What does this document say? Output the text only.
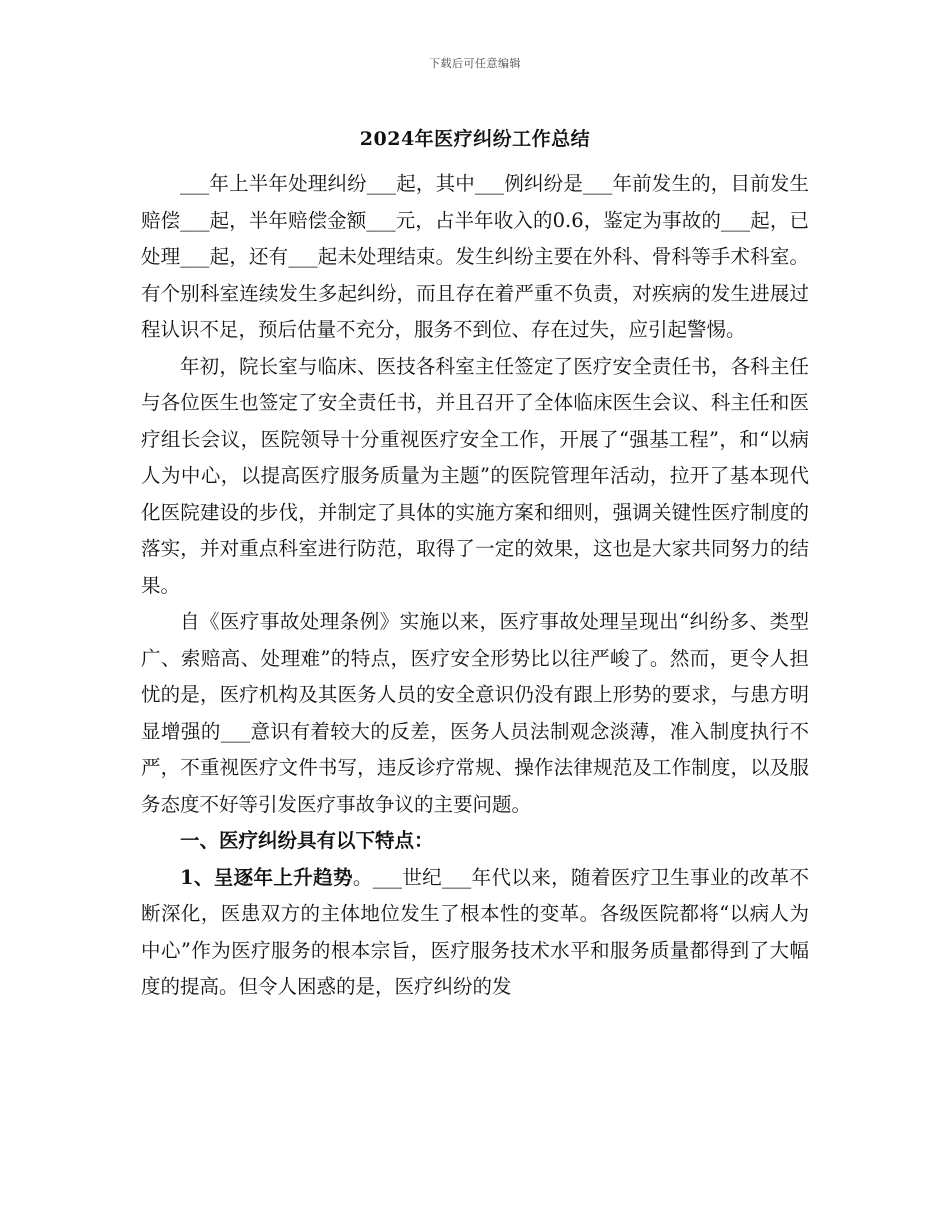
下载后可任意编辑
2024年医疗纠纷工作总结

___年上半年处理纠纷___起，其中___例纠纷是___年前发生的，目前发生赔偿___起，半年赔偿金额___元，占半年收入的0.6，鉴定为事故的___起，已处理___起，还有___起未处理结束。发生纠纷主要在外科、骨科等手术科室。有个别科室连续发生多起纠纷，而且存在着严重不负责，对疾病的发生进展过程认识不足，预后估量不充分，服务不到位、存在过失，应引起警惕。

年初，院长室与临床、医技各科室主任签定了医疗安全责任书，各科主任与各位医生也签定了安全责任书，并且召开了全体临床医生会议、科主任和医疗组长会议，医院领导十分重视医疗安全工作，开展了“强基工程”，和“以病人为中心，以提高医疗服务质量为主题”的医院管理年活动，拉开了基本现代化医院建设的步伐，并制定了具体的实施方案和细则，强调关键性医疗制度的落实，并对重点科室进行防范，取得了一定的效果，这也是大家共同努力的结果。

自《医疗事故处理条例》实施以来，医疗事故处理呈现出“纠纷多、类型广、索赔高、处理难”的特点，医疗安全形势比以往严峻了。然而，更令人担忧的是，医疗机构及其医务人员的安全意识仍没有跟上形势的要求，与患方明显增强的___意识有着较大的反差，医务人员法制观念淡薄，准入制度执行不严，不重视医疗文件书写，违反诊疗常规、操作法律规范及工作制度，以及服务态度不好等引发医疗事故争议的主要问题。

一、医疗纠纷具有以下特点：

1、呈逐年上升趋势。___世纪___年代以来，随着医疗卫生事业的改革不断深化，医患双方的主体地位发生了根本性的变革。各级医院都将“以病人为中心”作为医疗服务的根本宗旨，医疗服务技术水平和服务质量都得到了大幅度的提高。但令人困惑的是，医疗纠纷的发
